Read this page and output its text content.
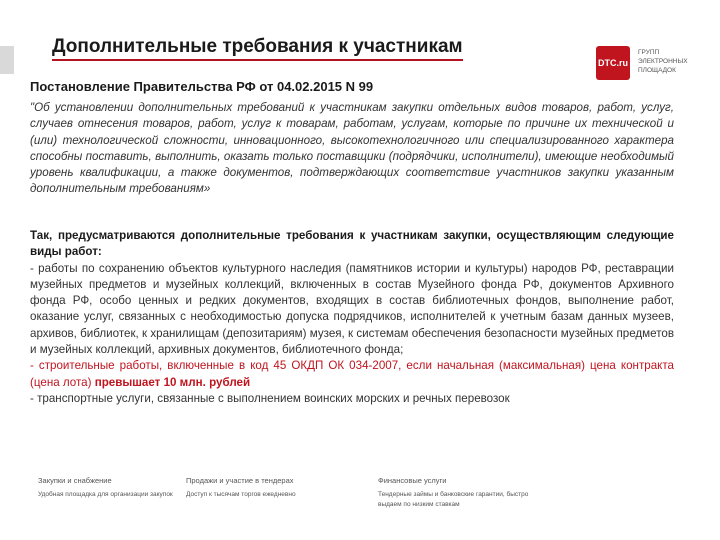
Дополнительные требования к участникам
DTC.ru
ГРУПП
ЭЛЕКТРОННЫХ
ПЛОЩАДОК
Постановление Правительства РФ от 04.02.2015 N 99
"Об установлении дополнительных требований к участникам закупки отдельных видов товаров, работ, услуг, случаев отнесения товаров, работ, услуг к товарам, работам, услугам, которые по причине их технической и (или) технологической сложности, инновационного, высокотехнологичного или специализированного характера способны поставить, выполнить, оказать только поставщики (подрядчики, исполнители), имеющие необходимый уровень квалификации, а также документов, подтверждающих соответствие участников закупки указанным дополнительным требованиям»

Так, предусматриваются дополнительные требования к участникам закупки, осуществляющим следующие виды работ:

- работы по сохранению объектов культурного наследия (памятников истории и культуры) народов РФ, реставрации музейных предметов и музейных коллекций, включенных в состав Музейного фонда РФ, документов Архивного фонда РФ, особо ценных и редких документов, входящих в состав библиотечных фондов, выполнение работ, оказание услуг, связанных с необходимостью допуска подрядчиков, исполнителей к учетным базам данных музеев, архивов, библиотек, к хранилищам (депозитариям) музея, к системам обеспечения безопасности музейных предметов и музейных коллекций, архивных документов, библиотечного фонда;

- строительные работы, включенные в код 45 ОКДП ОК 034-2007, если начальная (максимальная) цена контракта (цена лота) превышает 10 млн. рублей

- транспортные услуги, связанные с выполнением воинских морских и речных перевозок

Закупки и снабжение
Удобная площадка для организации закупок
Продажи и участие в тендерах
Доступ к тысячам торгов ежедневно
Финансовые услуги
Тендерные займы и банковские гарантии, быстро выдаем по низким ставкам
